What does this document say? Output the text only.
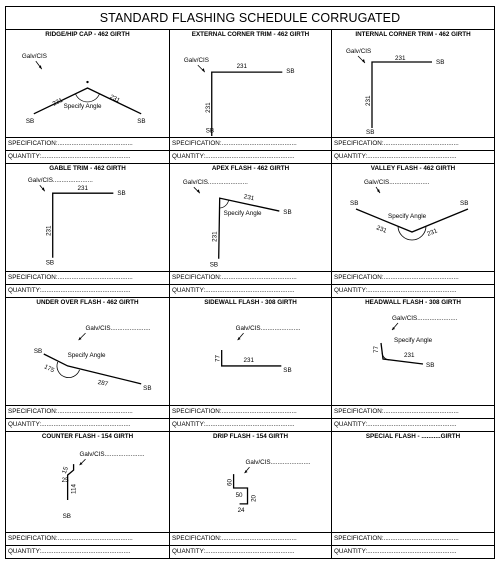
STANDARD FLASHING SCHEDULE CORRUGATED
RIDGE/HIP CAP - 462 GIRTH
Galv/CIS
231	231
Specify Angle
SB	SB
SPECIFICATION:...........................................
QUANTITY:...................................................
EXTERNAL CORNER TRIM - 462 GIRTH
Galv/CIS
231
SB
231
SB
SPECIFICATION:...........................................
QUANTITY:...................................................
INTERNAL CORNER TRIM - 462 GIRTH
Galv/CIS
231
SB
231
SB
SPECIFICATION:...........................................
QUANTITY:...................................................
GABLE TRIM - 462 GIRTH
Galv/CIS.......................
231
SB
231
SB
SPECIFICATION:...........................................
QUANTITY:...................................................
APEX FLASH - 462 GIRTH
Galv/CIS.......................
231
SB
Specify Angle
231
SB
SPECIFICATION:...........................................
QUANTITY:...................................................
VALLEY FLASH - 462 GIRTH
Galv/CIS.......................
Specify Angle
231	231
SB	SB
SPECIFICATION:...........................................
QUANTITY:...................................................
UNDER OVER FLASH - 462 GIRTH
Galv/CIS.......................
Specify Angle
SB
175
287
SB
SPECIFICATION:...........................................
QUANTITY:...................................................
SIDEWALL FLASH - 308 GIRTH
Galv/CIS.......................
77	231
SB
SPECIFICATION:...........................................
QUANTITY:...................................................
HEADWALL FLASH - 308 GIRTH
Galv/CIS.......................
Specify Angle
77
231
SB
SPECIFICATION:...........................................
QUANTITY:...................................................
COUNTER FLASH - 154 GIRTH
Galv/CIS.......................
15
25
114
SB
SPECIFICATION:...........................................
QUANTITY:...................................................
DRIP FLASH - 154 GIRTH
Galv/CIS.......................
60
50 20
24
SPECIFICATION:...........................................
QUANTITY:...................................................
SPECIAL FLASH - ...........GIRTH
SPECIFICATION:...........................................
QUANTITY:...................................................
